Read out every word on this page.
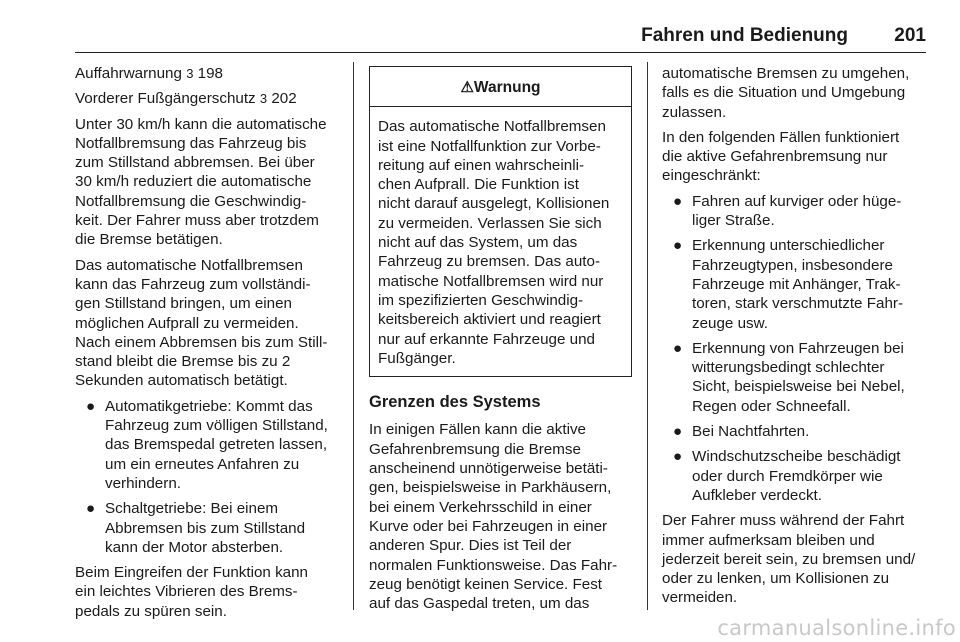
Fahren und Bedienung 201

Auffahrwarnung 3 198
Vorderer Fußgängerschutz 3 202

Unter 30 km/h kann die automatische
Notfallbremsung das Fahrzeug bis
zum Stillstand abbremsen. Bei über
30 km/h reduziert die automatische
Notfallbremsung die Geschwindig-
keit. Der Fahrer muss aber trotzdem
die Bremse betätigen.

Das automatische Notfallbremsen
kann das Fahrzeug zum vollständi-
gen Stillstand bringen, um einen
möglichen Aufprall zu vermeiden.
Nach einem Abbremsen bis zum Still-
stand bleibt die Bremse bis zu 2
Sekunden automatisch betätigt.

● Automatikgetriebe: Kommt das
Fahrzeug zum völligen Stillstand,
das Bremspedal getreten lassen,
um ein erneutes Anfahren zu
verhindern.
● Schaltgetriebe: Bei einem
Abbremsen bis zum Stillstand
kann der Motor absterben.

Beim Eingreifen der Funktion kann
ein leichtes Vibrieren des Brems-
pedals zu spüren sein.

⚠Warnung
Das automatische Notfallbremsen
ist eine Notfallfunktion zur Vorbe-
reitung auf einen wahrscheinli-
chen Aufprall. Die Funktion ist
nicht darauf ausgelegt, Kollisionen
zu vermeiden. Verlassen Sie sich
nicht auf das System, um das
Fahrzeug zu bremsen. Das auto-
matische Notfallbremsen wird nur
im spezifizierten Geschwindig-
keitsbereich aktiviert und reagiert
nur auf erkannte Fahrzeuge und
Fußgänger.
Grenzen des Systems

In einigen Fällen kann die aktive
Gefahrenbremsung die Bremse
anscheinend unnötigerweise betäti-
gen, beispielsweise in Parkhäusern,
bei einem Verkehrsschild in einer
Kurve oder bei Fahrzeugen in einer
anderen Spur. Dies ist Teil der
normalen Funktionsweise. Das Fahr-
zeug benötigt keinen Service. Fest
auf das Gaspedal treten, um das

automatische Bremsen zu umgehen,
falls es die Situation und Umgebung
zulassen.

In den folgenden Fällen funktioniert
die aktive Gefahrenbremsung nur
eingeschränkt:

● Fahren auf kurviger oder hüge-
liger Straße.
● Erkennung unterschiedlicher
Fahrzeugtypen, insbesondere
Fahrzeuge mit Anhänger, Trak-
toren, stark verschmutzte Fahr-
zeuge usw.
● Erkennung von Fahrzeugen bei
witterungsbedingt schlechter
Sicht, beispielsweise bei Nebel,
Regen oder Schneefall.
● Bei Nachtfahrten.
● Windschutzscheibe beschädigt
oder durch Fremdkörper wie
Aufkleber verdeckt.

Der Fahrer muss während der Fahrt
immer aufmerksam bleiben und
jederzeit bereit sein, zu bremsen und/
oder zu lenken, um Kollisionen zu
vermeiden.

carmanualsonline.info
